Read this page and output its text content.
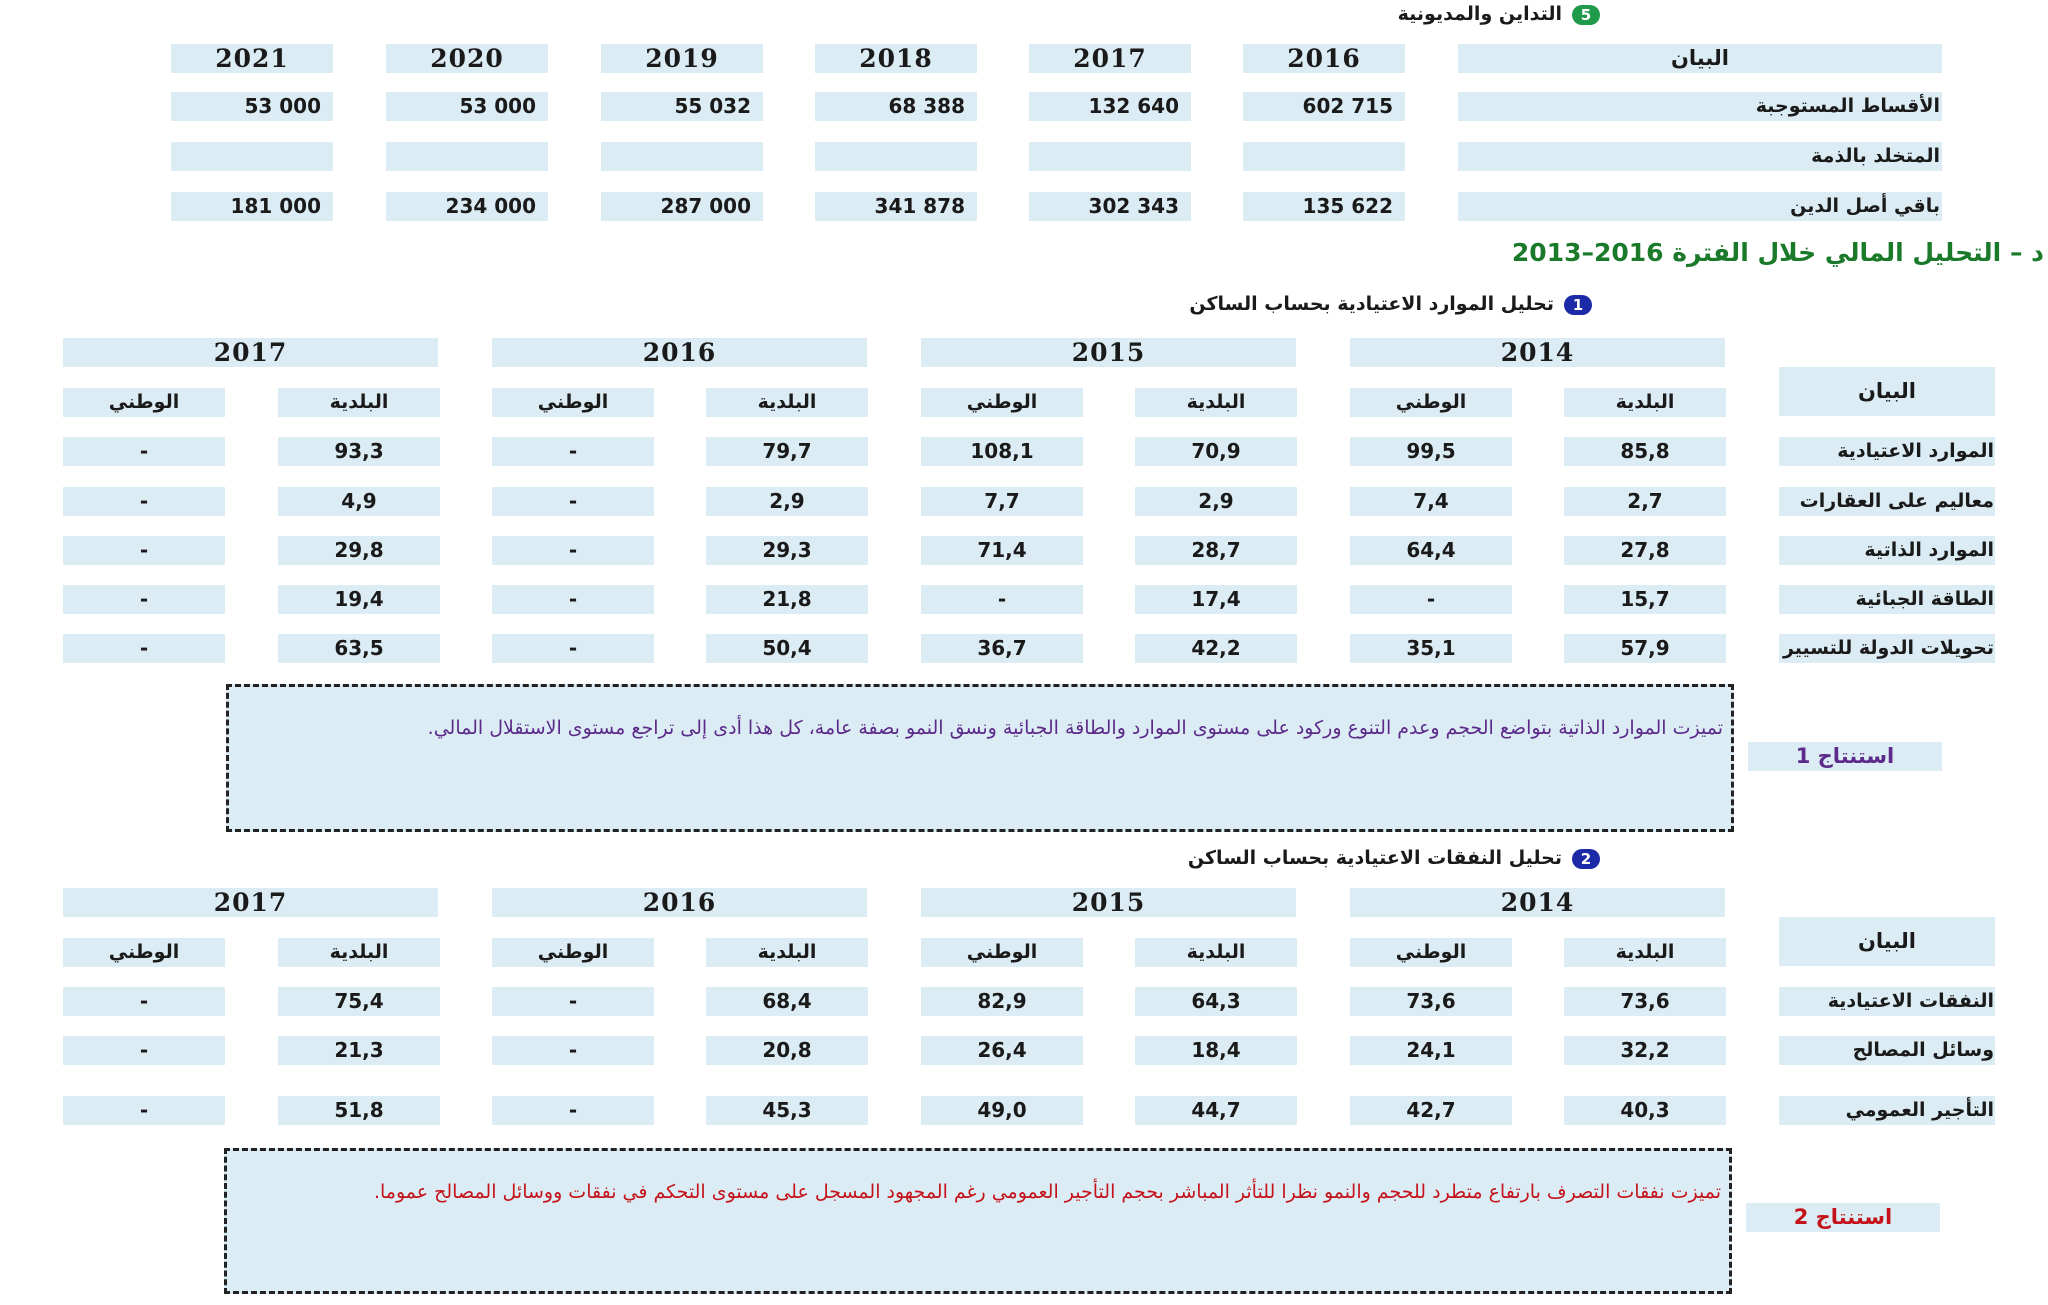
5التداين والمديونية
البيان
2016
2017
2018
2019
2020
2021
الأقساط المستوجبة
602 715
132 640
68 388
55 032
53 000
53 000
المتخلد بالذمة
باقي أصل الدين
135 622
302 343
341 878
287 000
234 000
181 000
د – التحليل المالي خلال الفترة 2016–2013
1تحليل الموارد الاعتيادية بحساب الساكن
2014
2015
2016
2017
البيان
البلدية
الوطني
البلدية
الوطني
البلدية
الوطني
البلدية
الوطني
الموارد الاعتيادية
85,8
99,5
70,9
108,1
79,7
-
93,3
-
معاليم على العقارات
2,7
7,4
2,9
7,7
2,9
-
4,9
-
الموارد الذاتية
27,8
64,4
28,7
71,4
29,3
-
29,8
-
الطاقة الجبائية
15,7
-
17,4
-
21,8
-
19,4
-
تحويلات الدولة للتسيير
57,9
35,1
42,2
36,7
50,4
-
63,5
-
تميزت الموارد الذاتية بتواضع الحجم وعدم التنوع وركود على مستوى الموارد والطاقة الجبائية ونسق النمو بصفة عامة، كل هذا أدى إلى تراجع مستوى الاستقلال المالي.
استنتاج 1
2تحليل النفقات الاعتيادية بحساب الساكن
2014
2015
2016
2017
البيان
البلدية
الوطني
البلدية
الوطني
البلدية
الوطني
البلدية
الوطني
النفقات الاعتيادية
73,6
73,6
64,3
82,9
68,4
-
75,4
-
وسائل المصالح
32,2
24,1
18,4
26,4
20,8
-
21,3
-
التأجير العمومي
40,3
42,7
44,7
49,0
45,3
-
51,8
-
تميزت نفقات التصرف بارتفاع متطرد للحجم والنمو نظرا للتأثر المباشر بحجم التأجير العمومي رغم المجهود المسجل على مستوى التحكم في نفقات ووسائل المصالح عموما.
استنتاج 2
